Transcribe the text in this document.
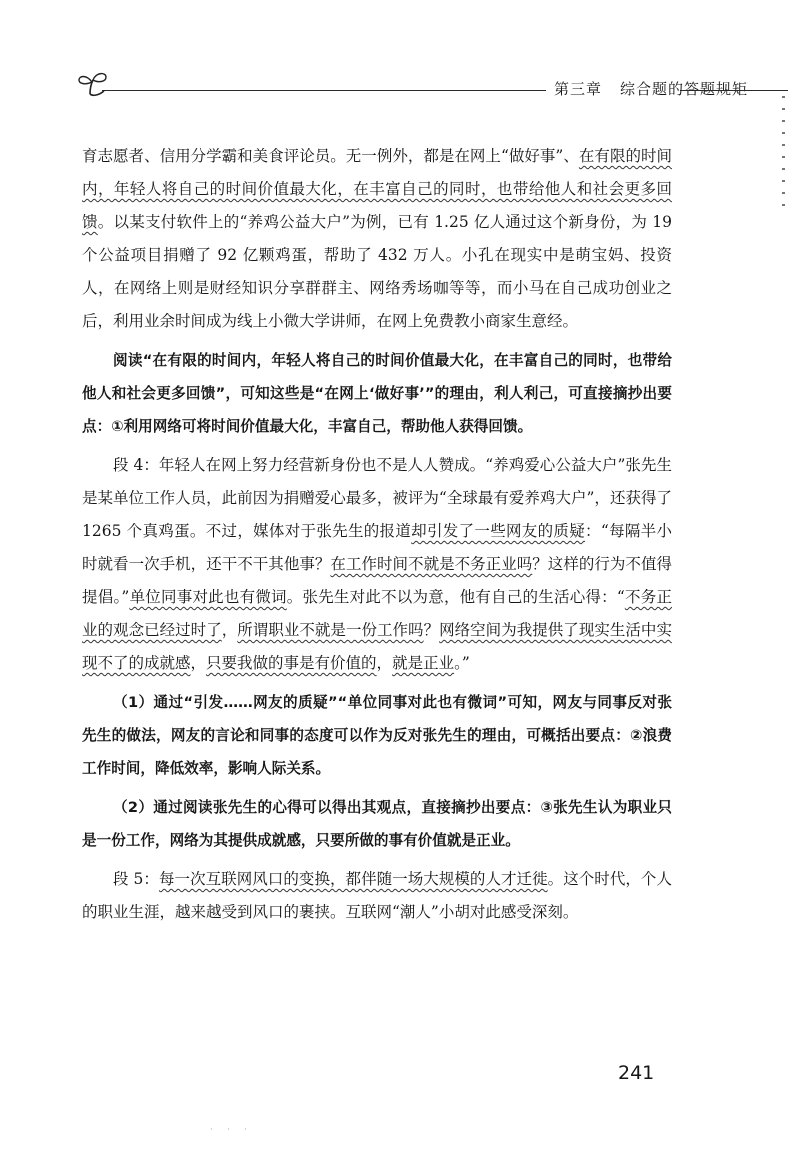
第三章 综合题的答题规矩

育志愿者、信用分学霸和美食评论员。无一例外，都是在网上“做好事”、在有限的时间内，年轻人将自己的时间价值最大化，在丰富自己的同时，也带给他人和社会更多回馈。以某支付软件上的“养鸡公益大户”为例，已有 1.25 亿人通过这个新身份，为 19 个公益项目捐赠了 92 亿颗鸡蛋，帮助了 432 万人。小孔在现实中是萌宝妈、投资人，在网络上则是财经知识分享群群主、网络秀场咖等等，而小马在自己成功创业之后，利用业余时间成为线上小微大学讲师，在网上免费教小商家生意经。

阅读“在有限的时间内，年轻人将自己的时间价值最大化，在丰富自己的同时，也带给他人和社会更多回馈”，可知这些是“在网上‘做好事’”的理由，利人利己，可直接摘抄出要点：①利用网络可将时间价值最大化，丰富自己，帮助他人获得回馈。

段 4：年轻人在网上努力经营新身份也不是人人赞成。“养鸡爱心公益大户”张先生是某单位工作人员，此前因为捐赠爱心最多，被评为“全球最有爱养鸡大户”，还获得了 1265 个真鸡蛋。不过，媒体对于张先生的报道却引发了一些网友的质疑：“每隔半小时就看一次手机，还干不干其他事？在工作时间不就是不务正业吗？这样的行为不值得提倡。”单位同事对此也有微词。张先生对此不以为意，他有自己的生活心得：“不务正业的观念已经过时了，所谓职业不就是一份工作吗？网络空间为我提供了现实生活中实现不了的成就感，只要我做的事是有价值的，就是正业。”

（1）通过“引发……网友的质疑”“单位同事对此也有微词”可知，网友与同事反对张先生的做法，网友的言论和同事的态度可以作为反对张先生的理由，可概括出要点：②浪费工作时间，降低效率，影响人际关系。

（2）通过阅读张先生的心得可以得出其观点，直接摘抄出要点：③张先生认为职业只是一份工作，网络为其提供成就感，只要所做的事有价值就是正业。

段 5：每一次互联网风口的变换，都伴随一场大规模的人才迁徙。这个时代，个人的职业生涯，越来越受到风口的裹挟。互联网“潮人”小胡对此感受深刻。

241
· · ·
